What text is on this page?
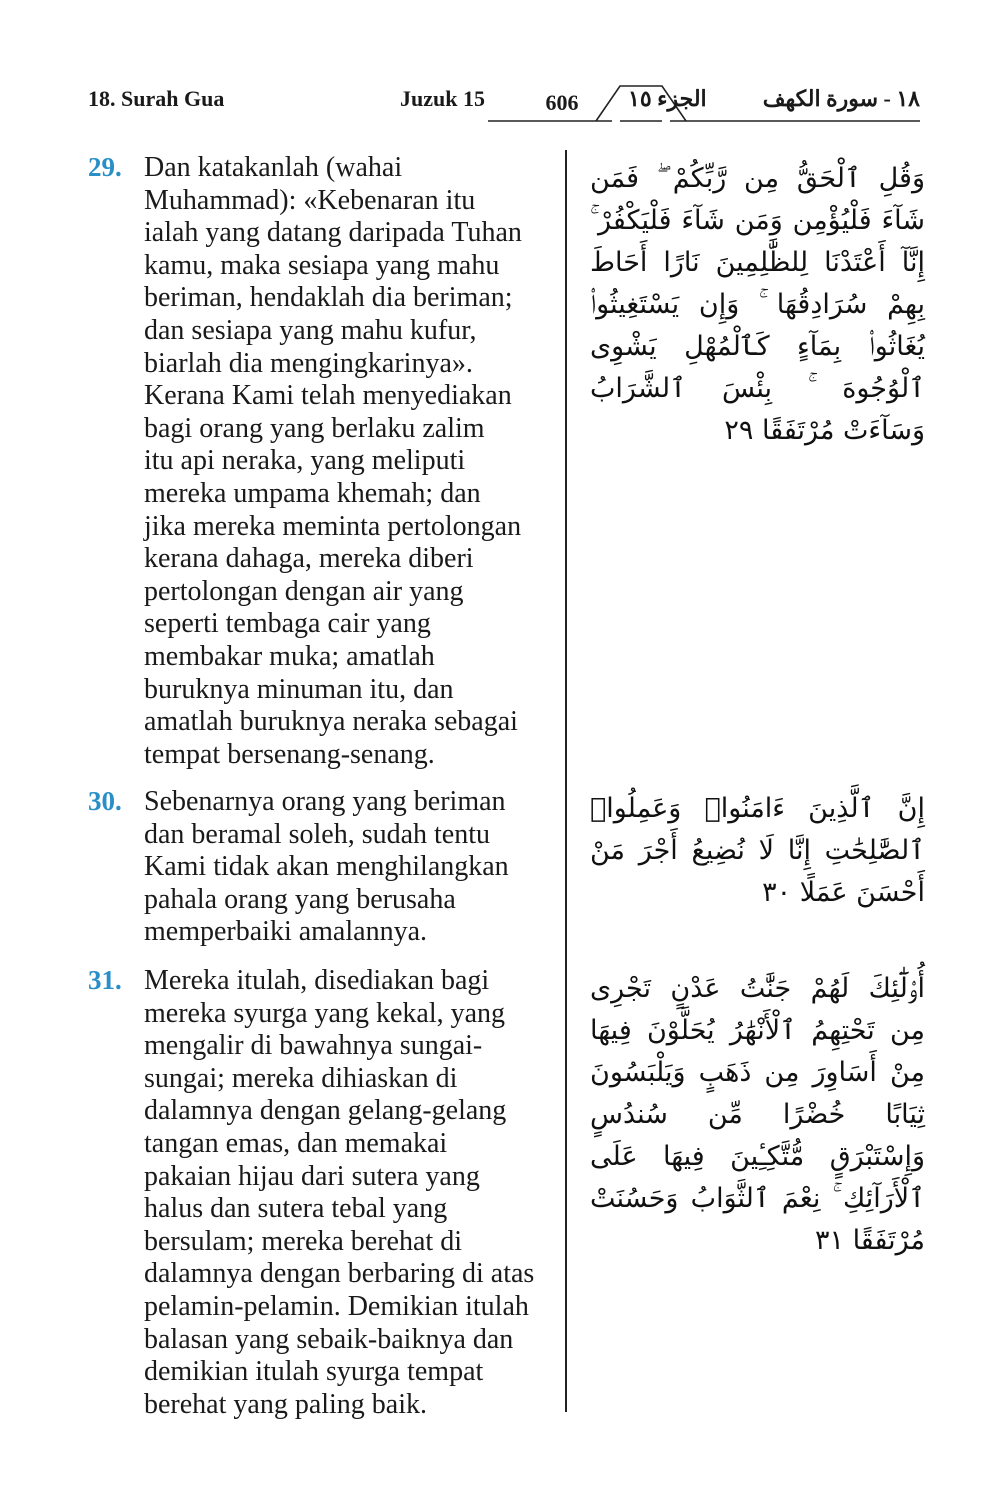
18. Surah Gua	Juzuk 15	606	الجزء ١٥	١٨ - سورة الكهف
29. Dan katakanlah (wahai
Muhammad): «Kebenaran itu
ialah yang datang daripada Tuhan
kamu, maka sesiapa yang mahu
beriman, hendaklah dia beriman;
dan sesiapa yang mahu kufur,
biarlah dia mengingkarinya».
Kerana Kami telah menyediakan
bagi orang yang berlaku zalim
itu api neraka, yang meliputi
mereka umpama khemah; dan
jika mereka meminta pertolongan
kerana dahaga, mereka diberi
pertolongan dengan air yang
seperti tembaga cair yang
membakar muka; amatlah
buruknya minuman itu, dan
amatlah buruknya neraka sebagai
tempat bersenang-senang.
وَقُلِ ٱلْحَقُّ مِن رَّبِّكُمْ ۖ فَمَن شَآءَ فَلْيُؤْمِن وَمَن شَآءَ فَلْيَكْفُرْ ۚ إِنَّآ أَعْتَدْنَا لِلظَّٰلِمِينَ نَارًا أَحَاطَ بِهِمْ سُرَادِقُهَا ۚ وَإِن يَسْتَغِيثُوا۟ يُغَاثُوا۟ بِمَآءٍ كَٱلْمُهْلِ يَشْوِى ٱلْوُجُوهَ ۚ بِئْسَ ٱلشَّرَابُ وَسَآءَتْ مُرْتَفَقًا ٢٩
30. Sebenarnya orang yang beriman
dan beramal soleh, sudah tentu
Kami tidak akan menghilangkan
pahala orang yang berusaha
memperbaiki amalannya.
إِنَّ ٱلَّذِينَ ءَامَنُوا۟ وَعَمِلُوا۟ ٱلصَّٰلِحَٰتِ إِنَّا لَا نُضِيعُ أَجْرَ مَنْ أَحْسَنَ عَمَلًا ٣٠
31. Mereka itulah, disediakan bagi
mereka syurga yang kekal, yang
mengalir di bawahnya sungai-
sungai; mereka dihiaskan di
dalamnya dengan gelang-gelang
tangan emas, dan memakai
pakaian hijau dari sutera yang
halus dan sutera tebal yang
bersulam; mereka berehat di
dalamnya dengan berbaring di atas
pelamin-pelamin. Demikian itulah
balasan yang sebaik-baiknya dan
demikian itulah syurga tempat
berehat yang paling baik.
أُو۟لَٰٓئِكَ لَهُمْ جَنَّٰتُ عَدْنٍ تَجْرِى مِن تَحْتِهِمُ ٱلْأَنْهَٰرُ يُحَلَّوْنَ فِيهَا مِنْ أَسَاوِرَ مِن ذَهَبٍ وَيَلْبَسُونَ ثِيَابًا خُضْرًا مِّن سُندُسٍ وَإِسْتَبْرَقٍ مُّتَّكِـِٔينَ فِيهَا عَلَى ٱلْأَرَآئِكِ ۚ نِعْمَ ٱلثَّوَابُ وَحَسُنَتْ مُرْتَفَقًا ٣١
